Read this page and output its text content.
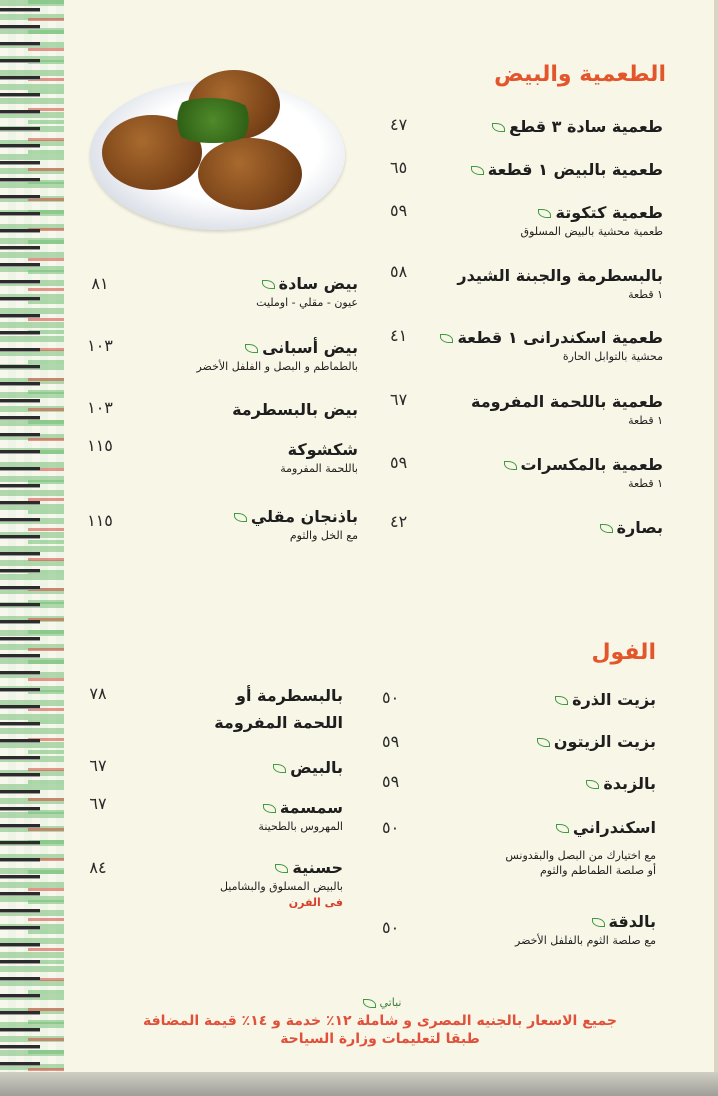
الطعمية والبيض
طعمية سادة ٣ قطع
٤٧
طعمية بالبيض ١ قطعة
٦٥
طعمية كتكوتة
طعمية محشية بالبيض المسلوق
٥٩
بالبسطرمة والجبنة الشيدر
١ قطعة
٥٨
طعمية اسكندرانى ١ قطعة
محشية بالتوابل الحارة
٤١
طعمية باللحمة المفرومة
١ قطعة
٦٧
طعمية بالمكسرات
١ قطعة
٥٩
بصارة
٤٢
بيض سادة
عيون - مقلي - اومليت
٨١
بيض أسبانى
بالطماطم و البصل و الفلفل الأخضر
١٠٣
بيض بالبسطرمة
١٠٣
شكشوكة
باللحمة المفرومة
١١٥
باذنجان مقلي
مع الخل والثوم
١١٥
الفول
بزيت الذرة
٥٠
بزيت الزيتون
٥٩
بالزبدة
٥٩
اسكندراني
مع اختيارك من البصل والبقدونس
أو صلصة الطماطم والثوم
٥٠
بالدقة
مع صلصة الثوم بالفلفل الأخضر
٥٠
بالبسطرمة أو
اللحمة المفرومة
٧٨
بالبيض
٦٧
سمسمة
المهروس بالطحينة
٦٧
حسنية
بالبيض المسلوق والبشاميل
فى الفرن
٨٤
نباتي
جميع الاسعار بالجنيه المصرى و شاملة ١٢٪ خدمة و ١٤٪ قيمة المضافة
طبقا لتعليمات وزارة السياحة
